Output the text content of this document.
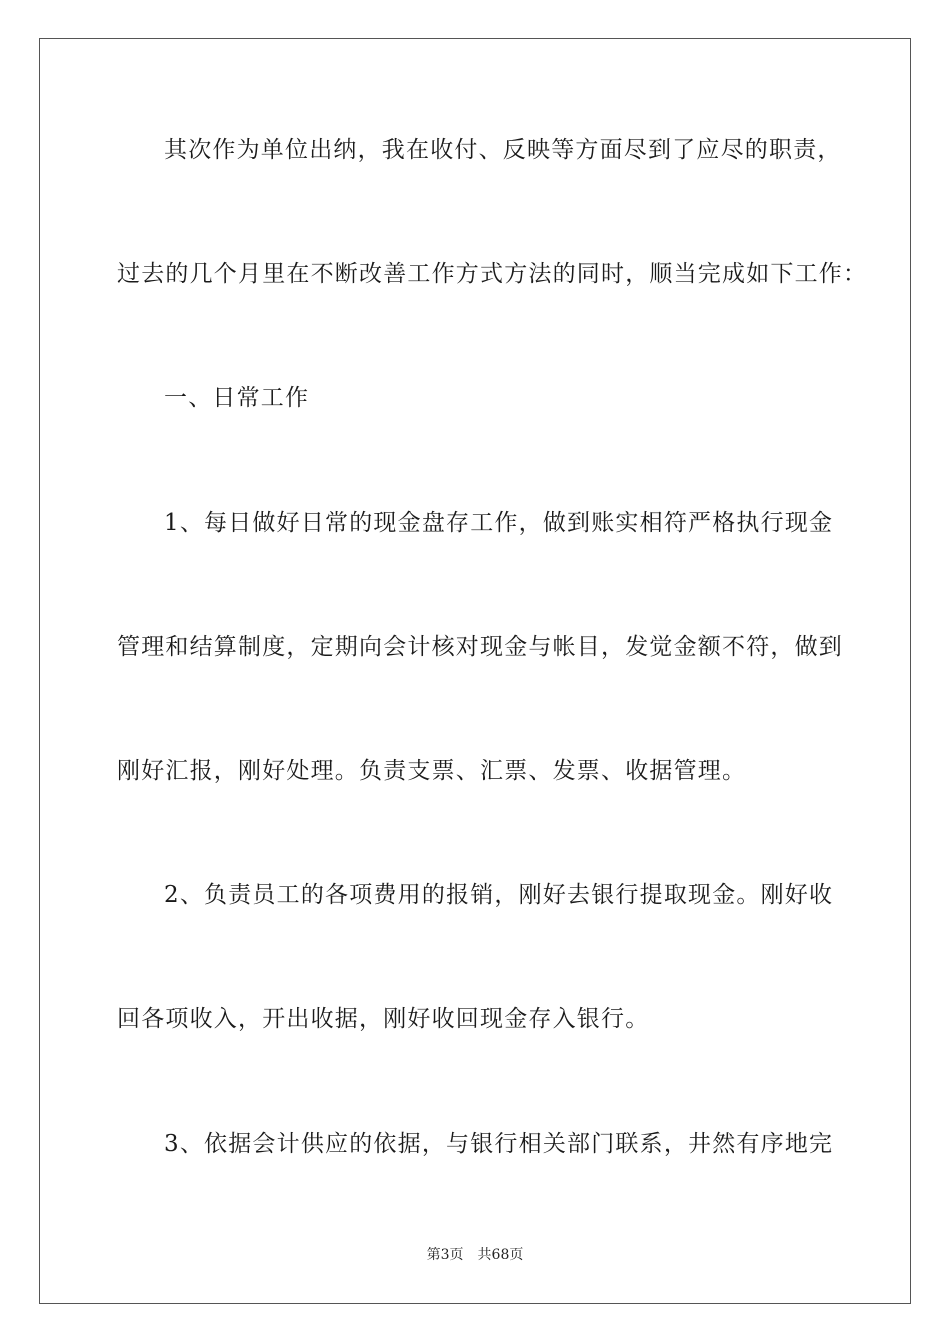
其次作为单位出纳，我在收付、反映等方面尽到了应尽的职责，
过去的几个月里在不断改善工作方式方法的同时，顺当完成如下工作：
一、日常工作
1、每日做好日常的现金盘存工作，做到账实相符严格执行现金
管理和结算制度，定期向会计核对现金与帐目，发觉金额不符，做到
刚好汇报，刚好处理。负责支票、汇票、发票、收据管理。
2、负责员工的各项费用的报销，刚好去银行提取现金。刚好收
回各项收入，开出收据，刚好收回现金存入银行。
3、依据会计供应的依据，与银行相关部门联系，井然有序地完
第3页 共68页
